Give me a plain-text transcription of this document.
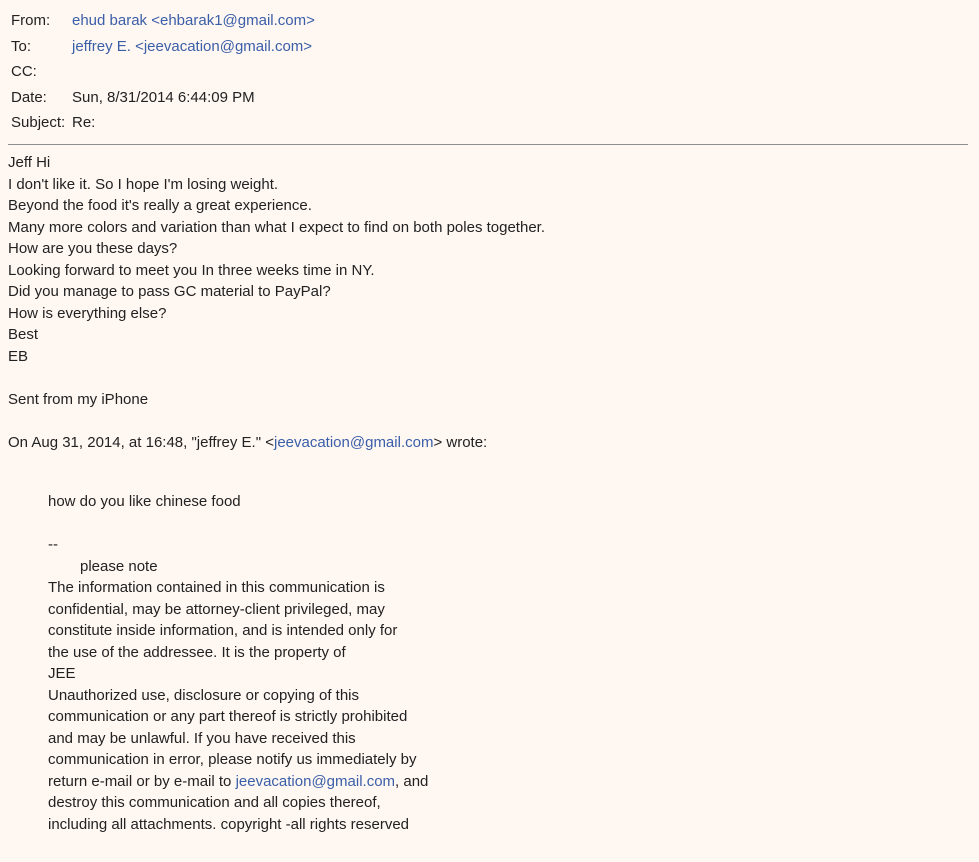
From:	ehud barak <ehbarak1@gmail.com>
To:	jeffrey E. <jeevacation@gmail.com>
CC:
Date:	Sun, 8/31/2014 6:44:09 PM
Subject: Re:
Jeff Hi
I don't like it. So I hope I'm losing weight.
Beyond the food it's really a great experience.
Many more colors and variation than what I expect to find on both poles together.
How are you these days?
Looking forward to meet you In three weeks time in NY.
Did you manage to pass GC material to PayPal?
How is everything else?
Best
EB
Sent from my iPhone
On Aug 31, 2014, at 16:48, "jeffrey E." <jeevacation@gmail.com> wrote:
how do you like chinese food
--
please note
The information contained in this communication is
confidential, may be attorney-client privileged, may
constitute inside information, and is intended only for
the use of the addressee. It is the property of
JEE
Unauthorized use, disclosure or copying of this
communication or any part thereof is strictly prohibited
and may be unlawful. If you have received this
communication in error, please notify us immediately by
return e-mail or by e-mail to jeevacation@gmail.com, and
destroy this communication and all copies thereof,
including all attachments. copyright -all rights reserved
